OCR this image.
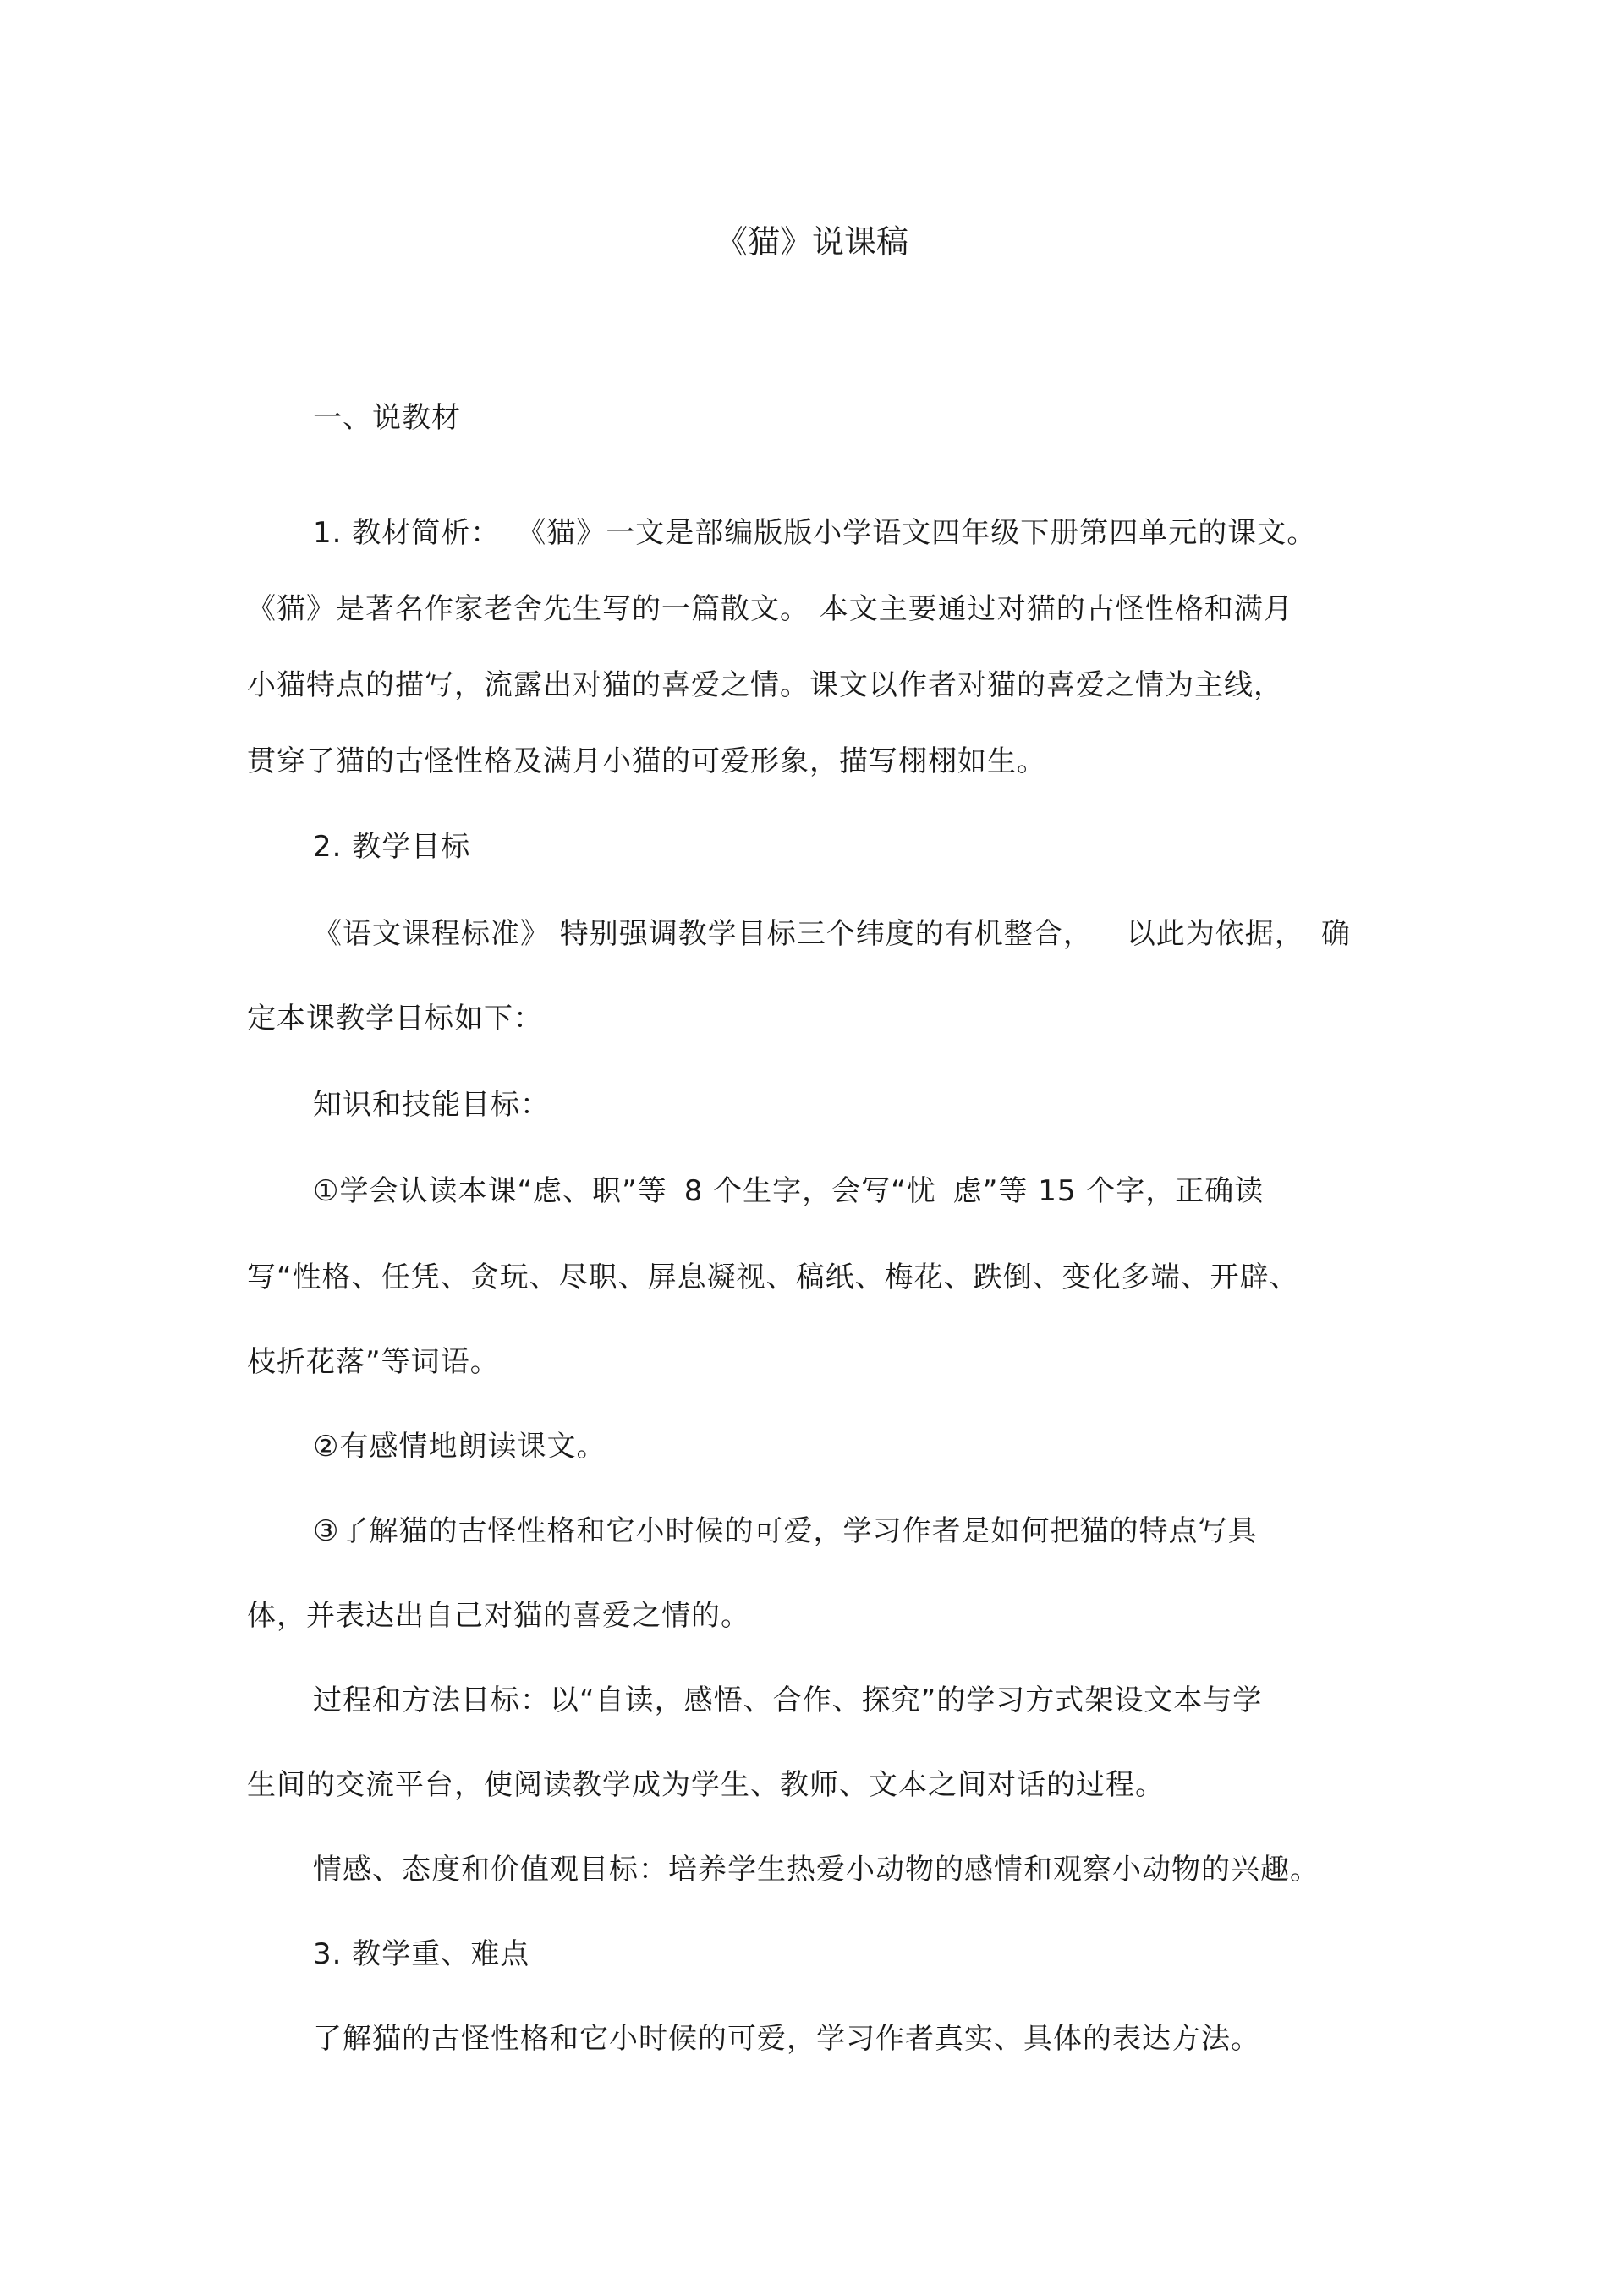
《猫》说课稿
一、说教材
1. 教材简析： 《猫》一文是部编版版小学语文四年级下册第四单元的课文。
《猫》是著名作家老舍先生写的一篇散文。 本文主要通过对猫的古怪性格和满月
小猫特点的描写，流露出对猫的喜爱之情。课文以作者对猫的喜爱之情为主线，
贯穿了猫的古怪性格及满月小猫的可爱形象，描写栩栩如生。
2. 教学目标
《语文课程标准》 特别强调教学目标三个纬度的有机整合， 以此为依据， 确
定本课教学目标如下：
知识和技能目标：
①学会认读本课“虑、职”等 8 个生字，会写“忧 虑”等 15 个字，正确读
写“性格、任凭、贪玩、尽职、屏息凝视、稿纸、梅花、跌倒、变化多端、开辟、
枝折花落”等词语。
②有感情地朗读课文。
③了解猫的古怪性格和它小时候的可爱，学习作者是如何把猫的特点写具
体，并表达出自己对猫的喜爱之情的。
过程和方法目标：以“自读，感悟、合作、探究”的学习方式架设文本与学
生间的交流平台，使阅读教学成为学生、教师、文本之间对话的过程。
情感、态度和价值观目标：培养学生热爱小动物的感情和观察小动物的兴趣。
3. 教学重、难点
了解猫的古怪性格和它小时候的可爱，学习作者真实、具体的表达方法。
